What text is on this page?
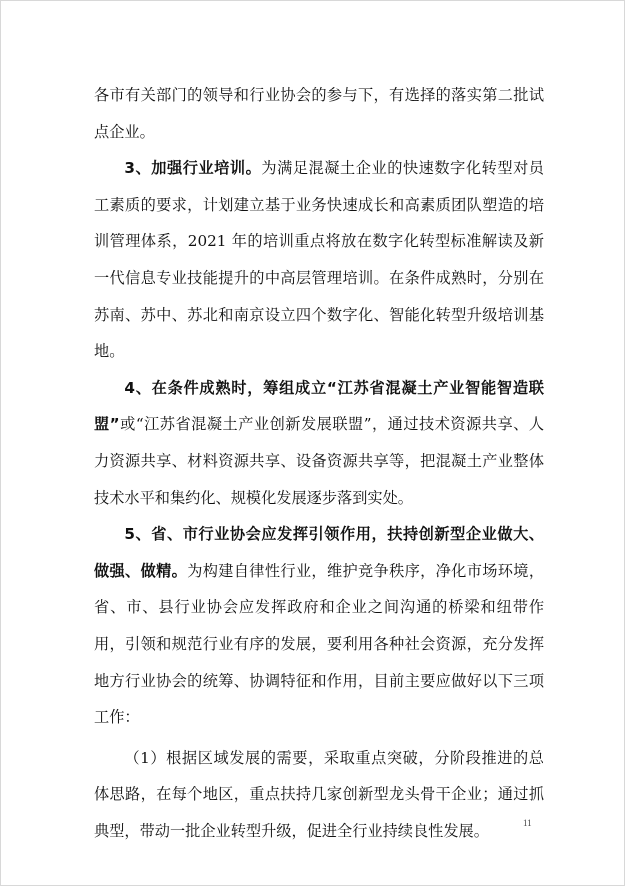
各市有关部门的领导和行业协会的参与下，有选择的落实第二批试点企业。

3、加强行业培训。为满足混凝土企业的快速数字化转型对员工素质的要求，计划建立基于业务快速成长和高素质团队塑造的培训管理体系，2021 年的培训重点将放在数字化转型标准解读及新一代信息专业技能提升的中高层管理培训。在条件成熟时，分别在苏南、苏中、苏北和南京设立四个数字化、智能化转型升级培训基地。

4、在条件成熟时，筹组成立“江苏省混凝土产业智能智造联盟”或“江苏省混凝土产业创新发展联盟”，通过技术资源共享、人力资源共享、材料资源共享、设备资源共享等，把混凝土产业整体技术水平和集约化、规模化发展逐步落到实处。

5、省、市行业协会应发挥引领作用，扶持创新型企业做大、做强、做精。为构建自律性行业，维护竞争秩序，净化市场环境，省、市、县行业协会应发挥政府和企业之间沟通的桥梁和纽带作用，引领和规范行业有序的发展，要利用各种社会资源，充分发挥地方行业协会的统筹、协调特征和作用，目前主要应做好以下三项工作：

（1）根据区域发展的需要，采取重点突破，分阶段推进的总体思路，在每个地区，重点扶持几家创新型龙头骨干企业；通过抓典型，带动一批企业转型升级，促进全行业持续良性发展。	11
